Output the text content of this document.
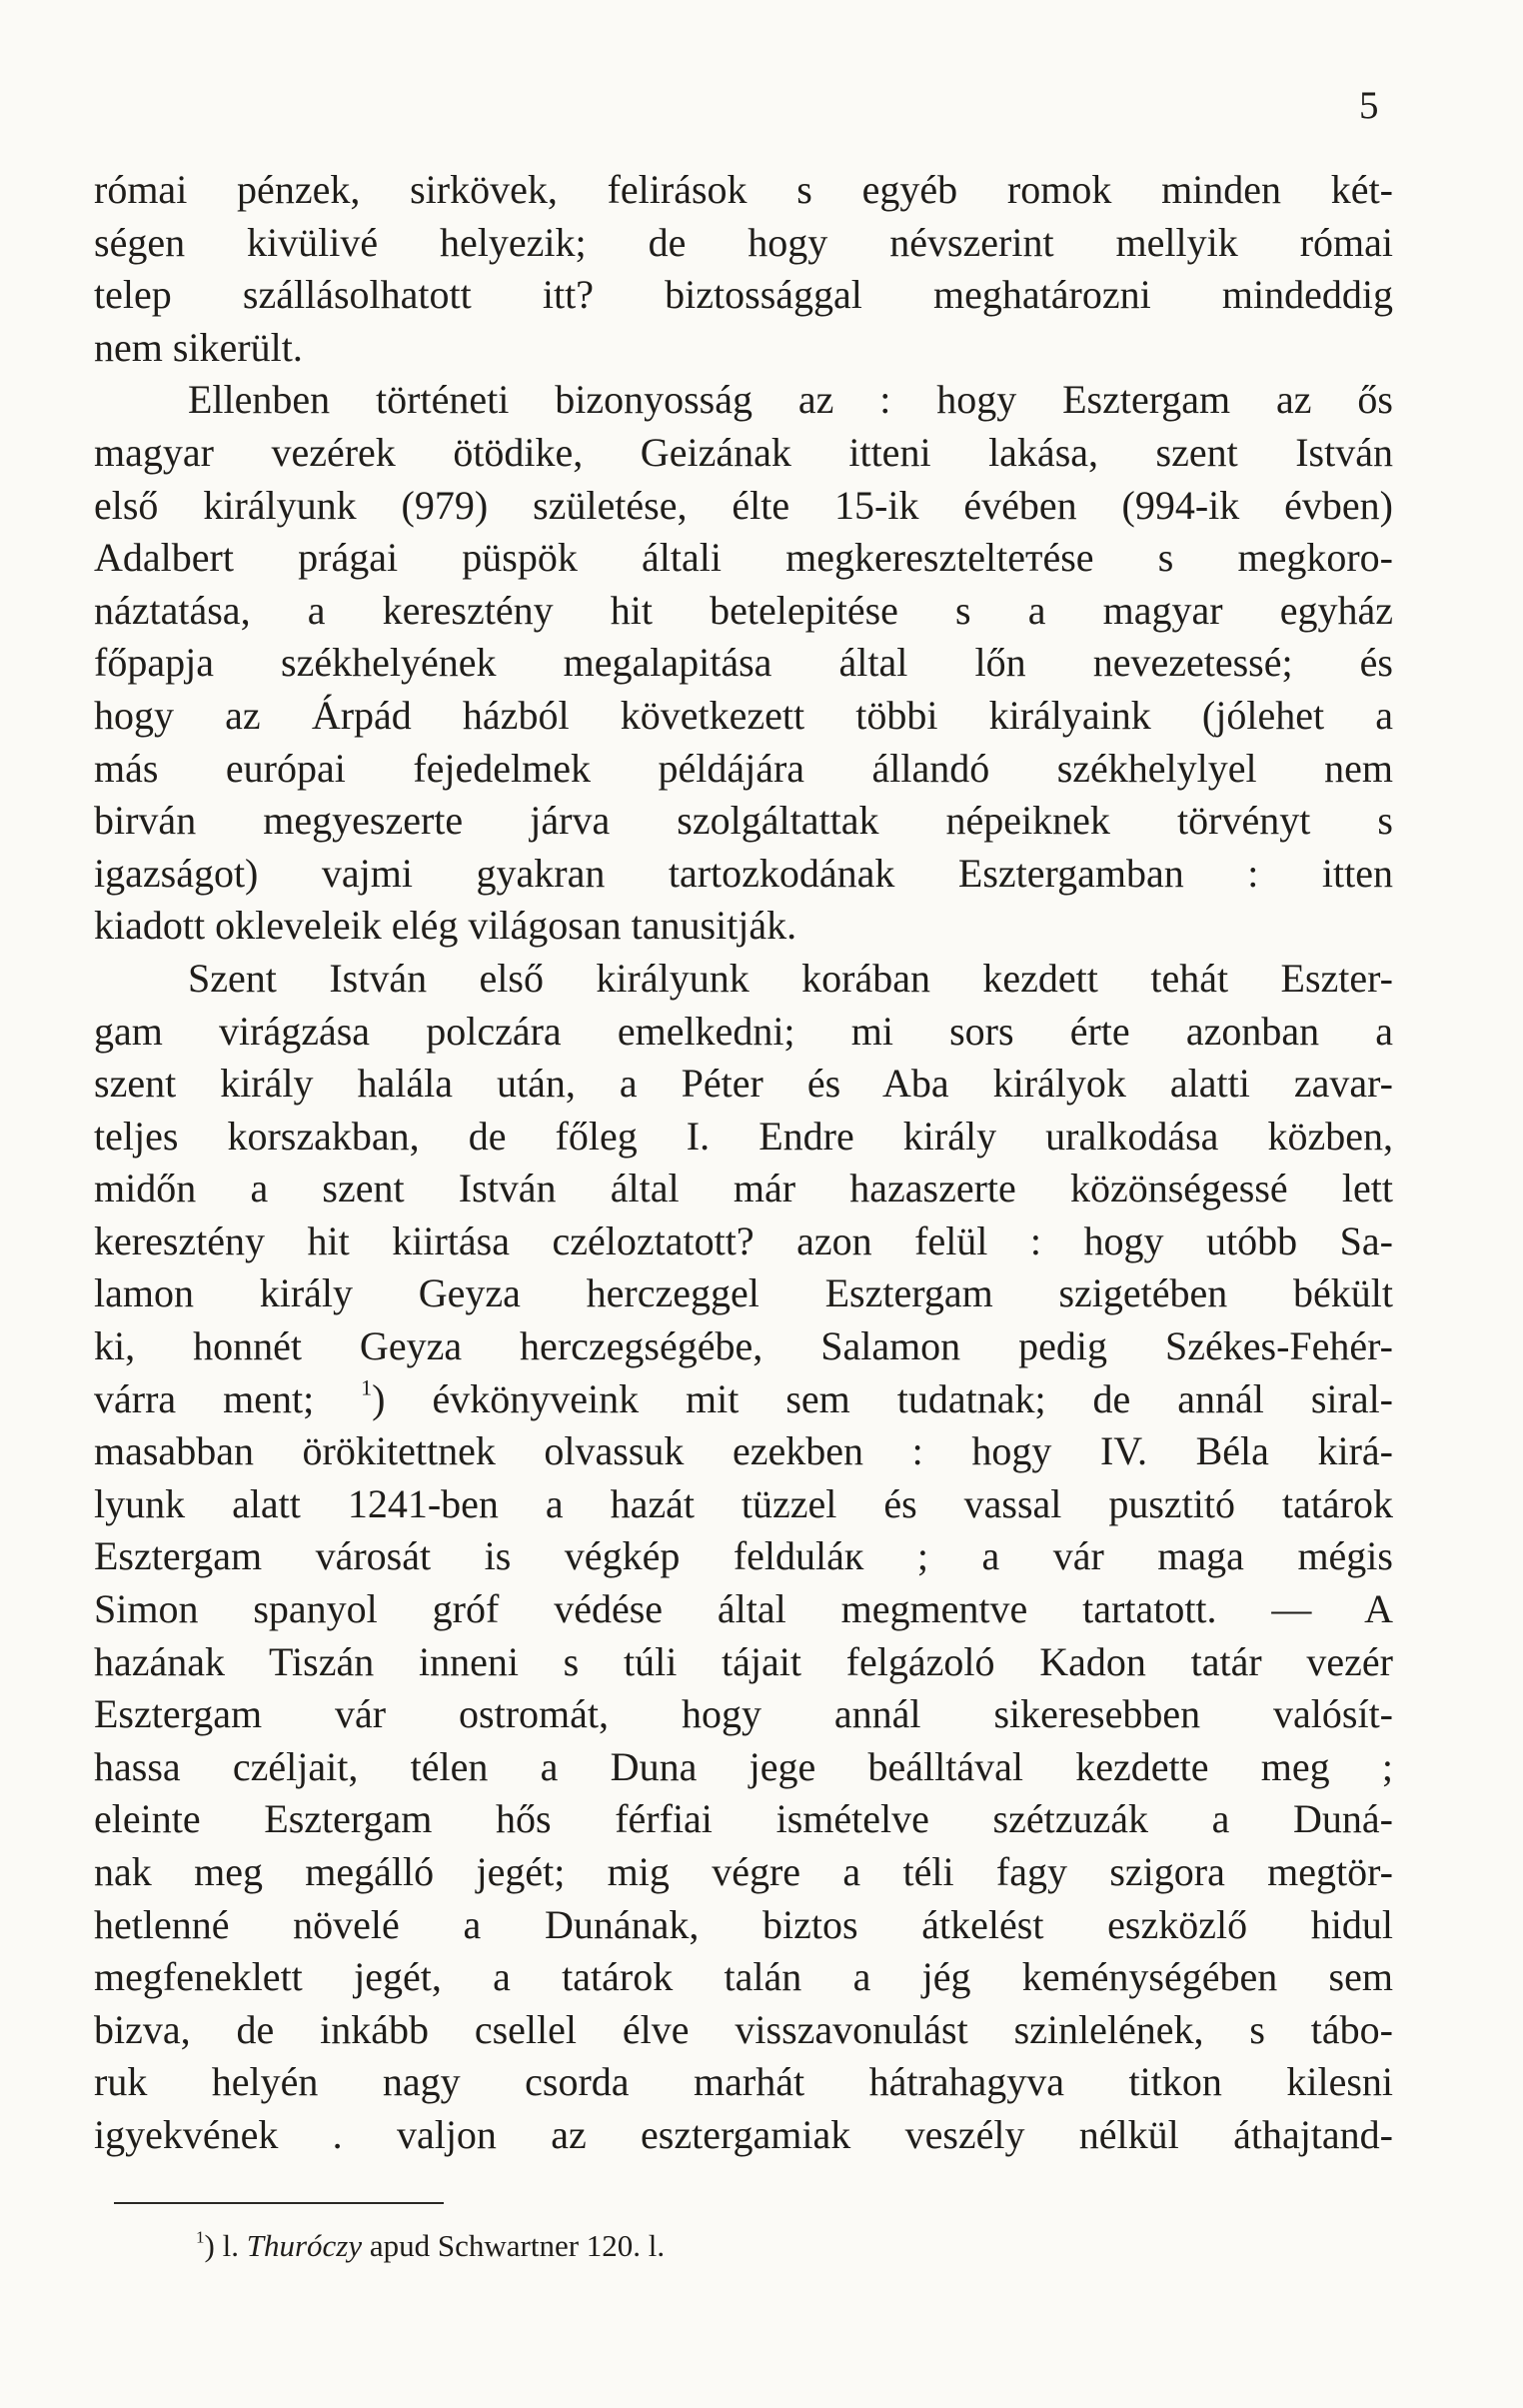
5
római pénzek, sirkövek, felirások s egyéb romok minden két-
ségen kivülivé helyezik; de hogy névszerint mellyik római
telep szállásolhatott itt? biztossággal meghatározni mindeddig
nem sikerült.
Ellenben történeti bizonyosság az : hogy Esztergam az ős
magyar vezérek ötödike, Geizának itteni lakása, szent István
első királyunk (979) születése, élte 15-ik évében (994-ik évben)
Adalbert prágai püspök általi megkeresztelteтése s megkoro-
náztatása, a keresztény hit betelepitése s a magyar egyház
főpapja székhelyének megalapitása által lőn nevezetessé; és
hogy az Árpád házból következett többi királyaink (jólehet a
más európai fejedelmek példájára állandó székhelylyel nem
birván megyeszerte járva szolgáltattak népeiknek törvényt s
igazságot) vajmi gyakran tartozkodának Esztergamban : itten
kiadott okleveleik elég világosan tanusitják.
Szent István első királyunk korában kezdett tehát Eszter-
gam virágzása polczára emelkedni; mi sors érte azonban a
szent király halála után, a Péter és Aba királyok alatti zavar-
teljes korszakban, de főleg I. Endre király uralkodása közben,
midőn a szent István által már hazaszerte közönségessé lett
keresztény hit kiirtása czéloztatott? azon felül : hogy utóbb Sa-
lamon király Geyza herczeggel Esztergam szigetében békült
ki, honnét Geyza herczegségébe, Salamon pedig Székes-Fehér-
várra ment; $^1$) évkönyveink mit sem tudatnak; de annál siral-
masabban örökitettnek olvassuk ezekben : hogy IV. Béla kirá-
lyunk alatt 1241-ben a hazát tüzzel és vassal pusztitó tatárok
Esztergam városát is végkép felduláк ; a vár maga mégis
Simon spanyol gróf védése által megmentve tartatott. — A
hazának Tiszán inneni s túli tájait felgázoló Kadon tatár vezér
Esztergam vár ostromát, hogy annál sikeresebben valósít-
hassa czéljait, télen a Duna jege beálltával kezdette meg ;
eleinte Esztergam hős férfiai ismételve szétzuzák a Duná-
nak meg megálló jegét; mig végre a téli fagy szigora megtör-
hetlenné növelé a Dunának, biztos átkelést eszközlő hidul
megfeneklett jegét, a tatárok talán a jég keménységében sem
bizva, de inkább csellel élve visszavonulást szinlelének, s tábo-
ruk helyén nagy csorda marhát hátrahagyva titkon kilesni
igyekvének . valjon az esztergamiak veszély nélkül áthajtand-
$^1$) l. Thuróczy apud Schwartner 120. l.
